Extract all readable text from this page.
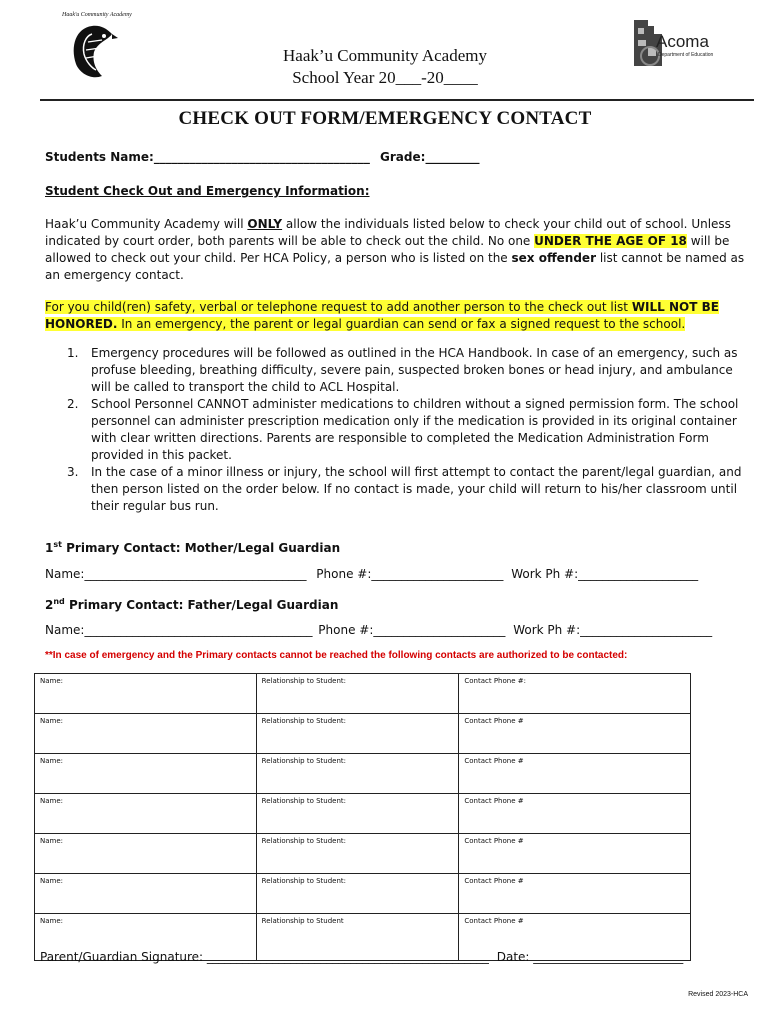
Haak'u Community Academy
Acoma
Department of Education
Haak’u Community Academy
School Year 20___-20____
CHECK OUT FORM/EMERGENCY CONTACT
Students Name:____________________________________ Grade:_________
Student Check Out and Emergency Information:
Haak’u Community Academy will ONLY allow the individuals listed below to check your child out of school. Unless indicated by court order, both parents will be able to check out the child. No one UNDER THE AGE OF 18 will be allowed to check out your child. Per HCA Policy, a person who is listed on the sex offender list cannot be named as an emergency contact.
For you child(ren) safety, verbal or telephone request to add another person to the check out list WILL NOT BE HONORED. In an emergency, the parent or legal guardian can send or fax a signed request to the school.
1. Emergency procedures will be followed as outlined in the HCA Handbook. In case of an emergency, such as profuse bleeding, breathing difficulty, severe pain, suspected broken bones or head injury, and ambulance will be called to transport the child to ACL Hospital.
2. School Personnel CANNOT administer medications to children without a signed permission form. The school personnel can administer prescription medication only if the medication is provided in its original container with clear written directions. Parents are responsible to completed the Medication Administration Form provided in this packet.
3. In the case of a minor illness or injury, the school will first attempt to contact the parent/legal guardian, and then person listed on the order below. If no contact is made, your child will return to his/her classroom until their regular bus run.
1st Primary Contact: Mother/Legal Guardian
Name:_____________________________________ Phone #:______________________ Work Ph #:____________________
2nd Primary Contact: Father/Legal Guardian
Name:______________________________________ Phone #:______________________ Work Ph #:______________________
**In case of emergency and the Primary contacts cannot be reached the following contacts are authorized to be contacted:
Name:	Relationship to Student:	Contact Phone #:
Name:	Relationship to Student:	Contact Phone #
Name:	Relationship to Student:	Contact Phone #
Name:	Relationship to Student:	Contact Phone #
Name:	Relationship to Student:	Contact Phone #
Name:	Relationship to Student:	Contact Phone #
Name:	Relationship to Student	Contact Phone #
Parent/Guardian Signature: _______________________________________________ Date: _________________________
Revised 2023-HCA
